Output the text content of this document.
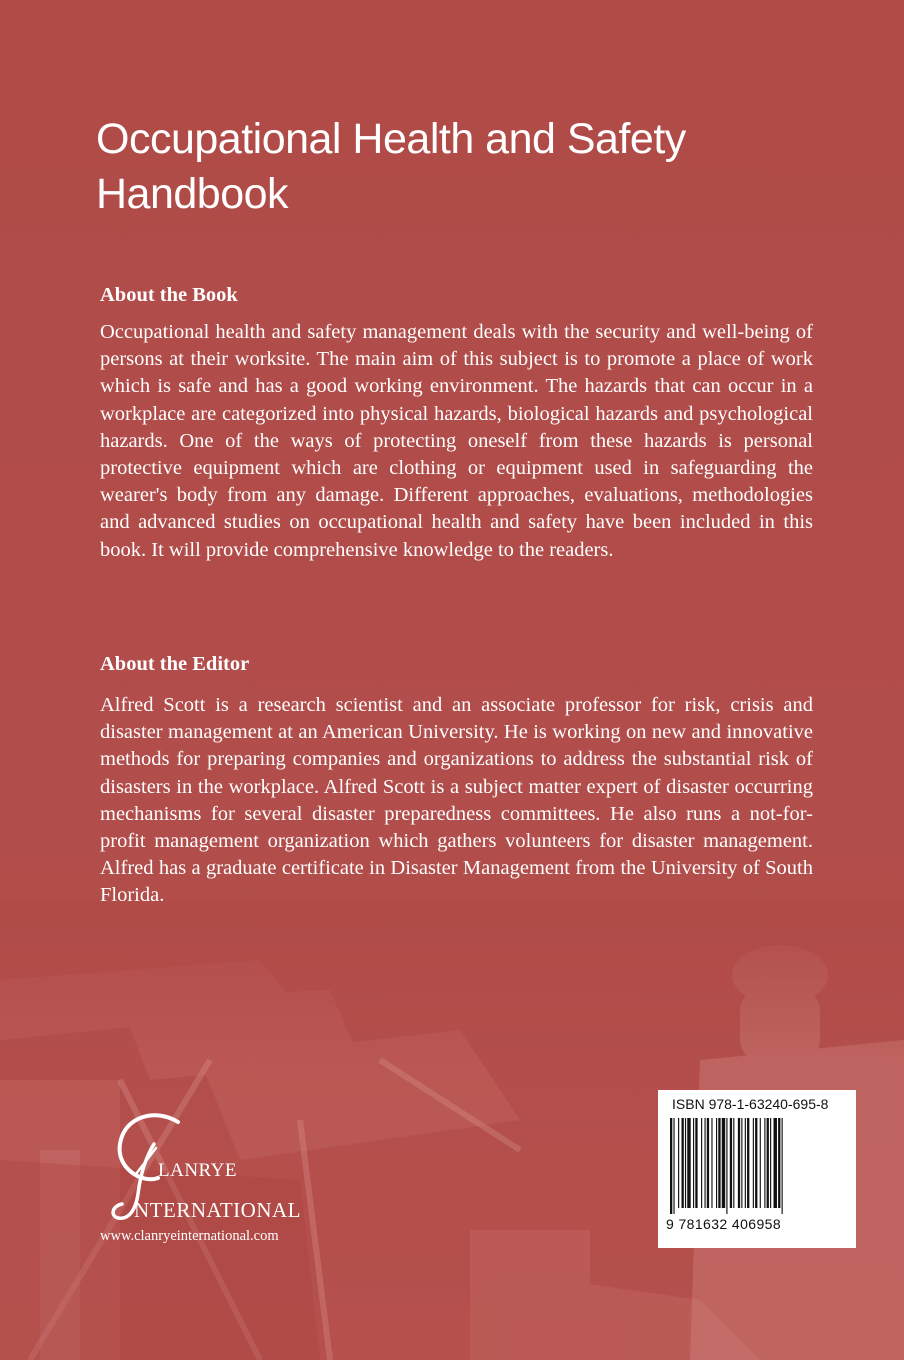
Occupational Health and Safety Handbook
About the Book

Occupational health and safety management deals with the security and well-being of persons at their worksite. The main aim of this subject is to promote a place of work which is safe and has a good working environment. The hazards that can occur in a workplace are categorized into physical hazards, biological hazards and psychological hazards. One of the ways of protecting oneself from these hazards is personal protective equipment which are clothing or equipment used in safeguarding the wearer's body from any damage. Different approaches, evaluations, methodologies and advanced studies on occupational health and safety have been included in this book. It will provide comprehensive knowledge to the readers.

About the Editor

Alfred Scott is a research scientist and an associate professor for risk, crisis and disaster management at an American University. He is working on new and innovative methods for preparing companies and organizations to address the substantial risk of disasters in the workplace. Alfred Scott is a subject matter expert of disaster occurring mechanisms for several disaster preparedness committees. He also runs a not-for-profit management organization which gathers volunteers for disaster management. Alfred has a graduate certificate in Disaster Management from the University of South Florida.

LANRYE

NTERNATIONAL

www.clanryeinternational.com

ISBN 978-1-63240-695-8

9 781632 406958
